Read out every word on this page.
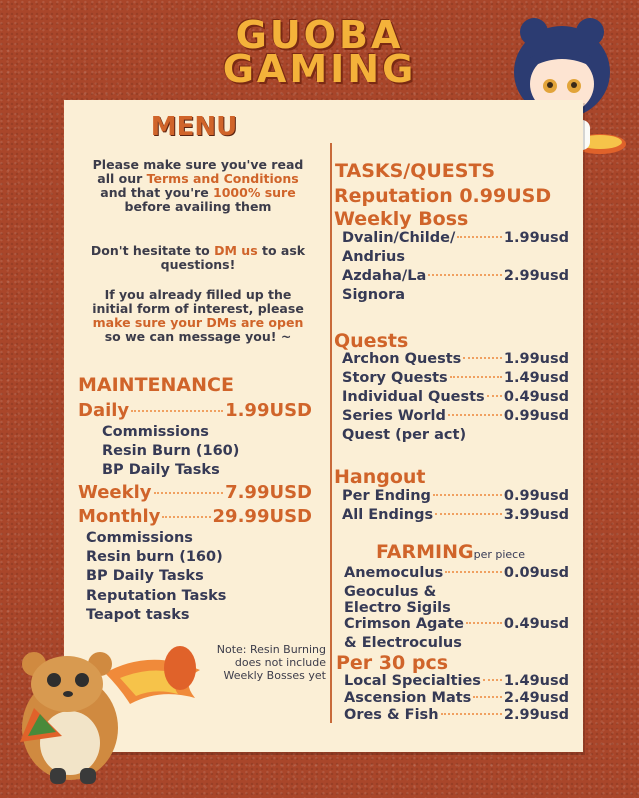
GUOBA
GAMING
MENU
Please make sure you've read all our Terms and Conditions and that you're 1000% sure before availing them
Don't hesitate to DM us to ask questions!
If you already filled up the initial form of interest, please make sure your DMs are open so we can message you! ~
MAINTENANCE
Daily	1.99USD
Commissions
Resin Burn (160)
BP Daily Tasks
Weekly	7.99USD
Monthly	29.99USD
Commissions
Resin burn (160)
BP Daily Tasks
Reputation Tasks
Teapot tasks
Note: Resin Burning does not include Weekly Bosses yet
TASKS/QUESTS
Reputation 0.99USD
Weekly Boss
Dvalin/Childe/	1.99usd
Andrius
Azdaha/La	2.99usd
Signora
Quests
Archon Quests	1.99usd
Story Quests	1.49usd
Individual Quests 0.49usd
Series World	0.99usd
Quest (per act)
Hangout
Per Ending	0.99usd
All Endings	3.99usd
FARMINGper piece
Anemoculus	0.09usd
Geoculus &
Electro Sigils
Crimson Agate	0.49usd
& Electroculus
Per 30 pcs
Local Specialties 1.49usd
Ascension Mats 2.49usd
Ores & Fish	2.99usd
